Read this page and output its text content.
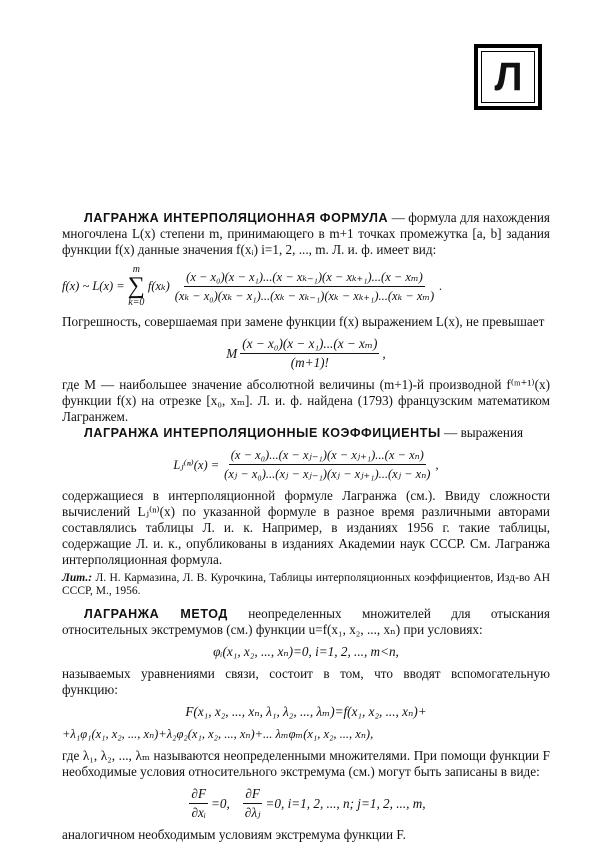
Л

ЛАГРАНЖА ИНТЕРПОЛЯЦИОННАЯ ФОРМУЛА — формула для нахождения многочлена L(x) степени m, принимающего в m+1 точках промежутка [a, b] задания функции f(x) данные значения f(xᵢ) i=1, 2, ..., m. Л. и. ф. имеет вид:

f(x) ~ L(x) =
m
∑
k=0
$f(x_k) \frac{\text{(x − x₀)(x − x₁)...(x − xₖ₋₁)(x − xₖ₊₁)...(x − xₘ)}}{\text{(xₖ − x₀)(xₖ − x₁)...(xₖ − xₖ₋₁)(xₖ − xₖ₊₁)...(xₖ − xₘ)}}$ .

Погрешность, совершаемая при замене функции f(x) выражением L(x), не превышает

M $\frac{\text{(x − x₀)(x − x₁)...(x − xₘ)}}{(m+1)!}$ ,

где M — наибольшее значение абсолютной величины (m+1)-й производной f⁽ᵐ⁺¹⁾(x) функции f(x) на отрезке [x₀, xₘ]. Л. и. ф. найдена (1793) французским математиком Лагранжем.

ЛАГРАНЖА ИНТЕРПОЛЯЦИОННЫЕ КОЭФФИЦИЕНТЫ — выражения

Lⱼ⁽ⁿ⁾(x) = $\frac{\text{(x − x₀)...(x − xⱼ₋₁)(x − xⱼ₊₁)...(x − xₙ)}}{\text{(xⱼ − x₀)...(xⱼ − xⱼ₋₁)(xⱼ − xⱼ₊₁)...(xⱼ − xₙ)}}$ ,

содержащиеся в интерполяционной формуле Лагранжа (см.). Ввиду сложности вычислений Lⱼ⁽ⁿ⁾(x) по указанной формуле в разное время различными авторами составлялись таблицы Л. и. к. Например, в изданиях 1956 г. такие таблицы, содержащие Л. и. к., опубликованы в изданиях Академии наук СССР. См. Лагранжа интерполяционная формула.

Лит.: Л. Н. Кармазина, Л. В. Курочкина, Таблицы интерполяционных коэффициентов, Изд-во АН СССР, М., 1956.

ЛАГРАНЖА МЕТОД неопределенных множителей для отыскания относительных экстремумов (см.) функции u=f(x₁, x₂, ..., xₙ) при условиях:

φᵢ(x₁, x₂, ..., xₙ)=0, i=1, 2, ..., m<n,

называемых уравнениями связи, состоит в том, что вводят вспомогательную функцию:

F(x₁, x₂, ..., xₙ, λ₁, λ₂, ..., λₘ)=f(x₁, x₂, ..., xₙ)+
+λ₁φ₁(x₁, x₂, ..., xₙ)+λ₂φ₂(x₁, x₂, ..., xₙ)+... λₘφₘ(x₁, x₂, ..., xₙ),

где λ₁, λ₂, ..., λₘ называются неопределенными множителями. При помощи функции F необходимые условия относительного экстремума (см.) могут быть записаны в виде:

$\frac{\partial F}{\text{∂xᵢ}} =0$, $\frac{\partial F}{\text{∂λⱼ}} =0$, i=1, 2, ..., n; j=1, 2, ..., m,

аналогичном необходимым условиям экстремума функции F.
